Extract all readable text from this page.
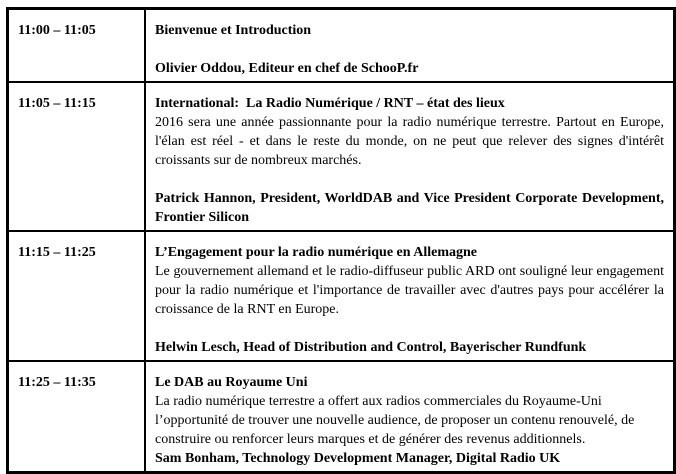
11:00 – 11:05	Bienvenue et Introduction
Olivier Oddou, Editeur en chef de SchooP.fr

11:05 – 11:15	International:  La Radio Numérique / RNT – état des lieux
2016 sera une année passionnante pour la radio numérique terrestre. Partout en Europe, l'élan est réel - et dans le reste du monde, on ne peut que relever des signes d'intérêt croissants sur de nombreux marchés.
Patrick Hannon, President, WorldDAB and Vice President Corporate Development, Frontier Silicon

11:15 – 11:25	L’Engagement pour la radio numérique en Allemagne
Le gouvernement allemand et le radio-diffuseur public ARD ont souligné leur engagement pour la radio numérique et l'importance de travailler avec d'autres pays pour accélérer la croissance de la RNT en Europe.
Helwin Lesch, Head of Distribution and Control, Bayerischer Rundfunk

11:25 – 11:35	Le DAB au Royaume Uni
La radio numérique terrestre a offert aux radios commerciales du Royaume-Uni l’opportunité de trouver une nouvelle audience, de proposer un contenu renouvelé, de construire ou renforcer leurs marques et de générer des revenus additionnels.
Sam Bonham, Technology Development Manager, Digital Radio UK
